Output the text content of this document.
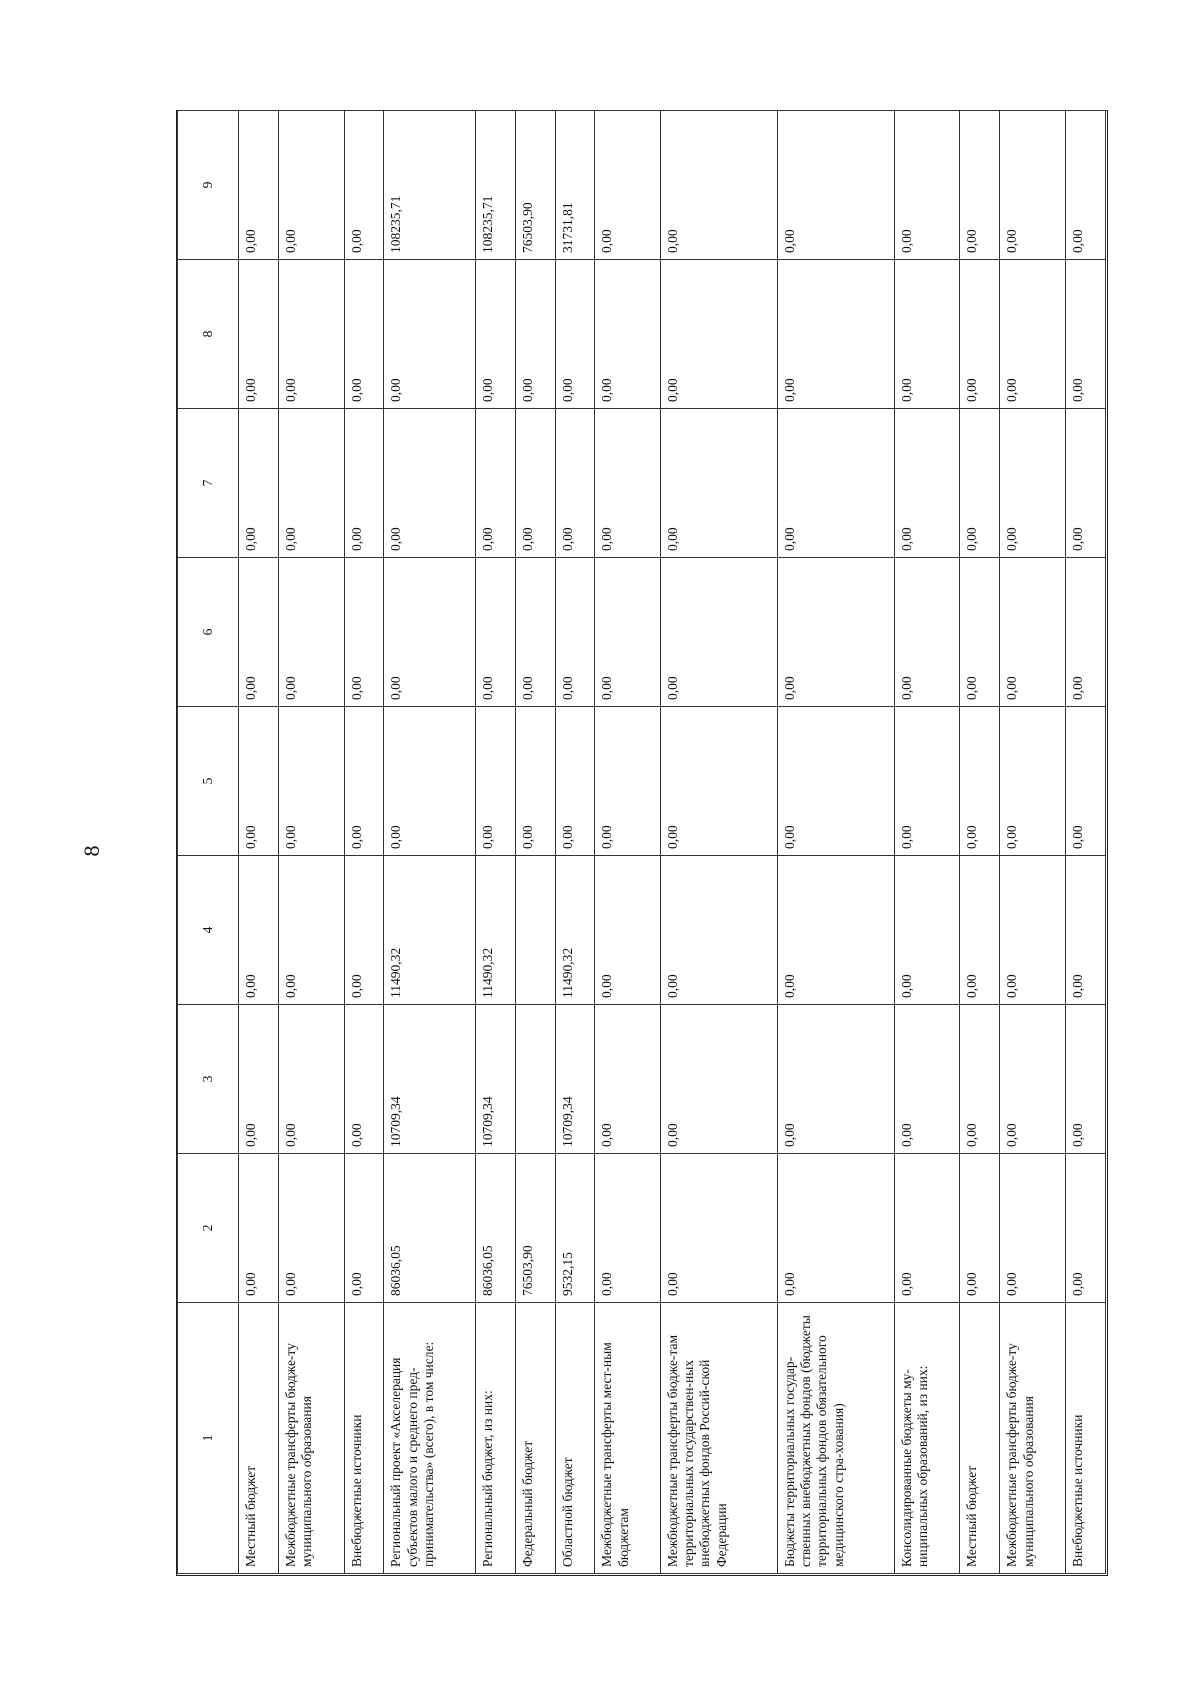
8
1	2	3	4	5	6	7	8	9
Местный бюджет	0,00	0,00	0,00	0,00	0,00	0,00	0,00	0,00
Межбюджетные трансферты бюдже-ту муниципального образования	0,00	0,00	0,00	0,00	0,00	0,00	0,00	0,00
Внебюджетные источники	0,00	0,00	0,00	0,00	0,00	0,00	0,00	0,00
Региональный проект «Акселерация субъектов малого и среднего пред-принимательства» (всего), в том числе:	86036,05	10709,34	11490,32	0,00	0,00	0,00	0,00	108235,71
Региональный бюджет, из них:	86036,05	10709,34	11490,32	0,00	0,00	0,00	0,00	108235,71
Федеральный бюджет	76503,90			0,00	0,00	0,00	0,00	76503,90
Областной бюджет	9532,15	10709,34	11490,32	0,00	0,00	0,00	0,00	31731,81
Межбюджетные трансферты мест-ным бюджетам	0,00	0,00	0,00	0,00	0,00	0,00	0,00	0,00
Межбюджетные трансферты бюдже-там территориальных государствен-ных внебюджетных фондов Россий-ской Федерации	0,00	0,00	0,00	0,00	0,00	0,00	0,00	0,00
Бюджеты территориальных государ-ственных внебюджетных фондов (бюджеты территориальных фондов обязательного медицинского стра-хования)	0,00	0,00	0,00	0,00	0,00	0,00	0,00	0,00
Консолидированные бюджеты му-ниципальных образований, из них:	0,00	0,00	0,00	0,00	0,00	0,00	0,00	0,00
Местный бюджет	0,00	0,00	0,00	0,00	0,00	0,00	0,00	0,00
Межбюджетные трансферты бюдже-ту муниципального образования	0,00	0,00	0,00	0,00	0,00	0,00	0,00	0,00
Внебюджетные источники	0,00	0,00	0,00	0,00	0,00	0,00	0,00	0,00
